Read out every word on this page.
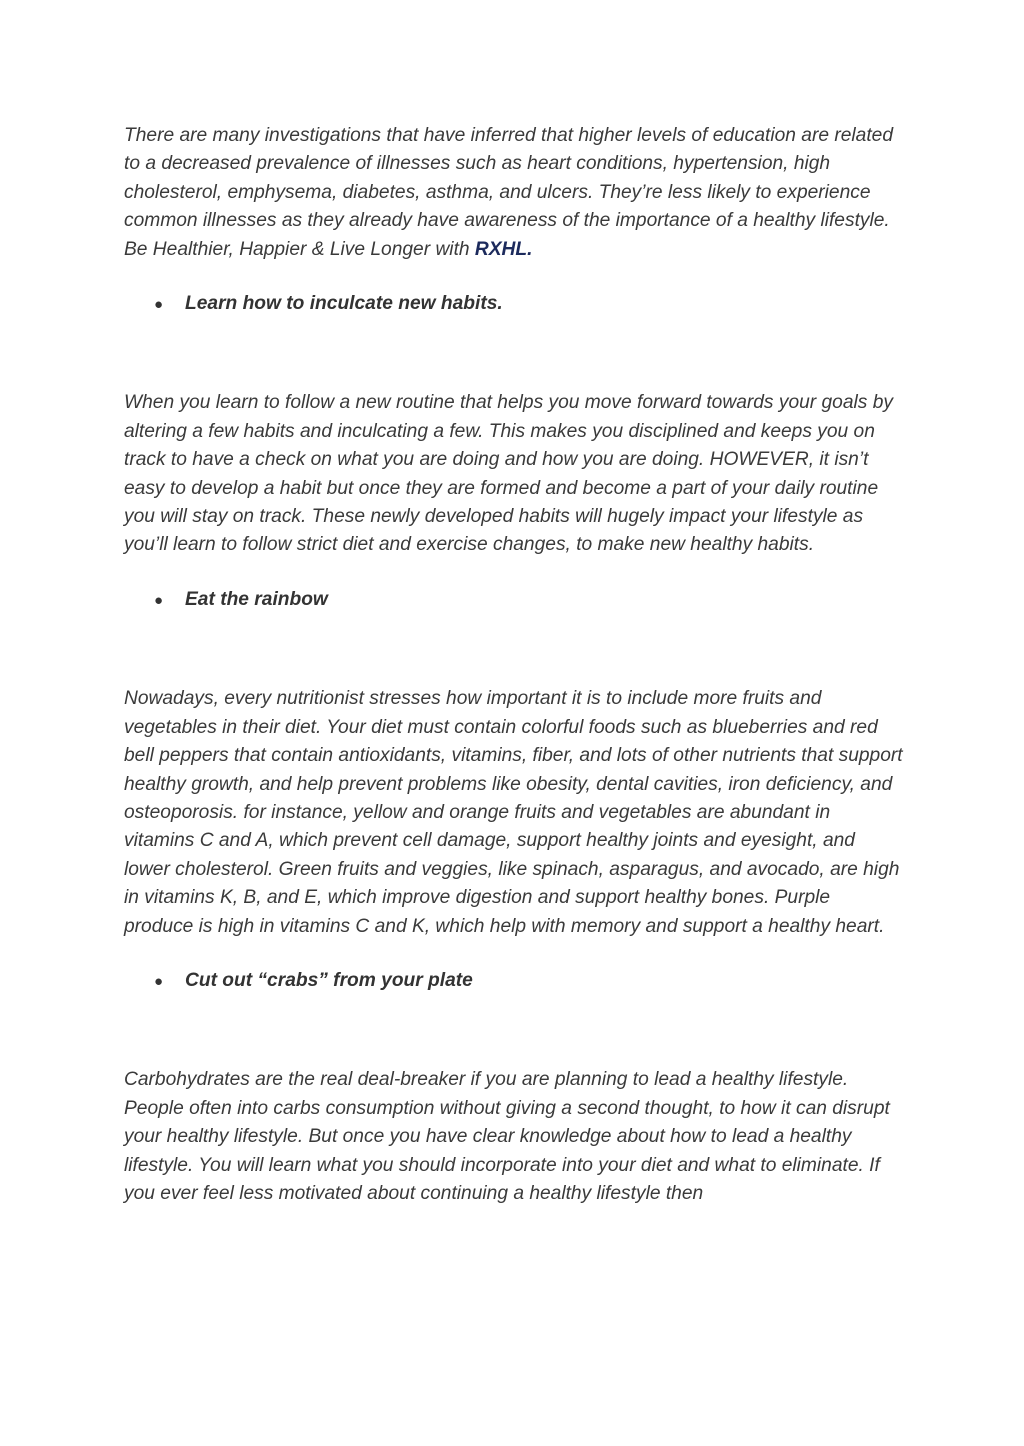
There are many investigations that have inferred that higher levels of education are related to a decreased prevalence of illnesses such as heart conditions, hypertension, high cholesterol, emphysema, diabetes, asthma, and ulcers. They’re less likely to experience common illnesses as they already have awareness of the importance of a healthy lifestyle. Be Healthier, Happier & Live Longer with RXHL.

●	Learn how to inculcate new habits.

When you learn to follow a new routine that helps you move forward towards your goals by altering a few habits and inculcating a few. This makes you disciplined and keeps you on track to have a check on what you are doing and how you are doing. HOWEVER, it isn’t easy to develop a habit but once they are formed and become a part of your daily routine you will stay on track. These newly developed habits will hugely impact your lifestyle as you’ll learn to follow strict diet and exercise changes, to make new healthy habits.

●	Eat the rainbow

Nowadays, every nutritionist stresses how important it is to include more fruits and vegetables in their diet. Your diet must contain colorful foods such as blueberries and red bell peppers that contain antioxidants, vitamins, fiber, and lots of other nutrients that support healthy growth, and help prevent problems like obesity, dental cavities, iron deficiency, and osteoporosis. for instance, yellow and orange fruits and vegetables are abundant in vitamins C and A, which prevent cell damage, support healthy joints and eyesight, and lower cholesterol. Green fruits and veggies, like spinach, asparagus, and avocado, are high in vitamins K, B, and E, which improve digestion and support healthy bones. Purple produce is high in vitamins C and K, which help with memory and support a healthy heart.

●	Cut out “crabs” from your plate

Carbohydrates are the real deal-breaker if you are planning to lead a healthy lifestyle. People often into carbs consumption without giving a second thought, to how it can disrupt your healthy lifestyle. But once you have clear knowledge about how to lead a healthy lifestyle. You will learn what you should incorporate into your diet and what to eliminate. If you ever feel less motivated about continuing a healthy lifestyle then
